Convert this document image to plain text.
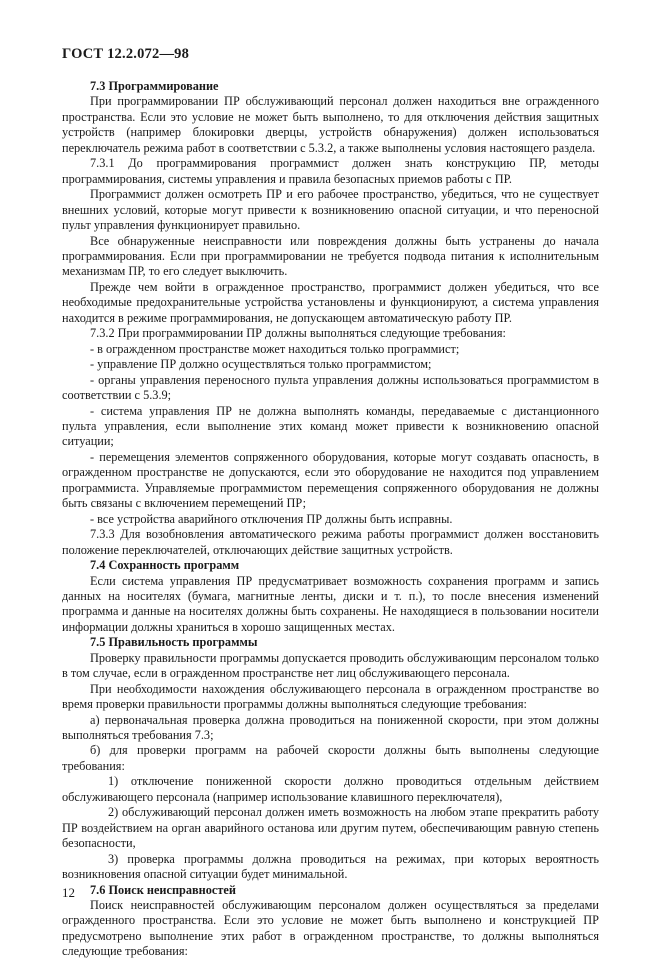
ГОСТ 12.2.072—98
7.3 Программирование

При программировании ПР обслуживающий персонал должен находиться вне огражденного пространства. Если это условие не может быть выполнено, то для отключения действия защитных устройств (например блокировки дверцы, устройств обнаружения) должен использоваться переключатель режима работ в соответствии с 5.3.2, а также выполнены условия настоящего раздела.

7.3.1 До программирования программист должен знать конструкцию ПР, методы программирования, системы управления и правила безопасных приемов работы с ПР.

Программист должен осмотреть ПР и его рабочее пространство, убедиться, что не существует внешних условий, которые могут привести к возникновению опасной ситуации, и что переносной пульт управления функционирует правильно.

Все обнаруженные неисправности или повреждения должны быть устранены до начала программирования. Если при программировании не требуется подвода питания к исполнительным механизмам ПР, то его следует выключить.

Прежде чем войти в огражденное пространство, программист должен убедиться, что все необходимые предохранительные устройства установлены и функционируют, а система управления находится в режиме программирования, не допускающем автоматическую работу ПР.

7.3.2 При программировании ПР должны выполняться следующие требования:

- в огражденном пространстве может находиться только программист;

- управление ПР должно осуществляться только программистом;

- органы управления переносного пульта управления должны использоваться программистом в соответствии с 5.3.9;

- система управления ПР не должна выполнять команды, передаваемые с дистанционного пульта управления, если выполнение этих команд может привести к возникновению опасной ситуации;

- перемещения элементов сопряженного оборудования, которые могут создавать опасность, в огражденном пространстве не допускаются, если это оборудование не находится под управлением программиста. Управляемые программистом перемещения сопряженного оборудования не должны быть связаны с включением перемещений ПР;

- все устройства аварийного отключения ПР должны быть исправны.

7.3.3 Для возобновления автоматического режима работы программист должен восстановить положение переключателей, отключающих действие защитных устройств.

7.4 Сохранность программ

Если система управления ПР предусматривает возможность сохранения программ и запись данных на носителях (бумага, магнитные ленты, диски и т. п.), то после внесения изменений программа и данные на носителях должны быть сохранены. Не находящиеся в пользовании носители информации должны храниться в хорошо защищенных местах.

7.5 Правильность программы

Проверку правильности программы допускается проводить обслуживающим персоналом только в том случае, если в огражденном пространстве нет лиц обслуживающего персонала.

При необходимости нахождения обслуживающего персонала в огражденном пространстве во время проверки правильности программы должны выполняться следующие требования:

а) первоначальная проверка должна проводиться на пониженной скорости, при этом должны выполняться требования 7.3;

б) для проверки программ на рабочей скорости должны быть выполнены следующие требования:

1) отключение пониженной скорости должно проводиться отдельным действием обслуживающего персонала (например использование клавишного переключателя),

2) обслуживающий персонал должен иметь возможность на любом этапе прекратить работу ПР воздействием на орган аварийного останова или другим путем, обеспечивающим равную степень безопасности,

3) проверка программы должна проводиться на режимах, при которых вероятность возникновения опасной ситуации будет минимальной.

7.6 Поиск неисправностей

Поиск неисправностей обслуживающим персоналом должен осуществляться за пределами огражденного пространства. Если это условие не может быть выполнено и конструкцией ПР предусмотрено выполнение этих работ в огражденном пространстве, то должны выполняться следующие требования:

12
